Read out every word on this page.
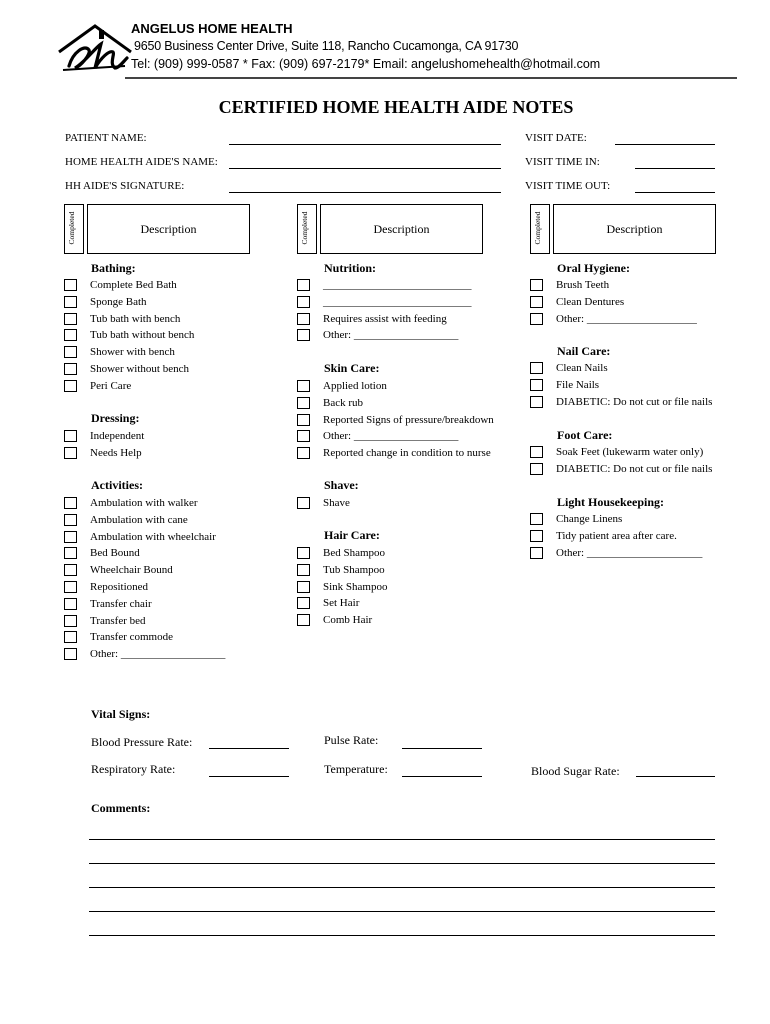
ANGELUS HOME HEALTH
9650 Business Center Drive, Suite 118, Rancho Cucamonga, CA 91730
Tel: (909) 999-0587 * Fax: (909) 697-2179* Email: angelushomehealth@hotmail.com
CERTIFIED HOME HEALTH AIDE NOTES
PATIENT NAME:
HOME HEALTH AIDE'S NAME:
HH AIDE'S SIGNATURE:
VISIT DATE:
VISIT TIME IN:
VISIT TIME OUT:
Completed	Description	Completed	Description	Completed	Description
Bathing:
Complete Bed Bath
Sponge Bath
Tub bath with bench
Tub bath without bench
Shower with bench
Shower without bench
Peri Care
Dressing:
Independent
Needs Help
Activities:
Ambulation with walker
Ambulation with cane
Ambulation with wheelchair
Bed Bound
Wheelchair Bound
Repositioned
Transfer chair
Transfer bed
Transfer commode
Other: ___________________
Nutrition:
___________________________
___________________________
Requires assist with feeding
Other: ___________________
Skin Care:
Applied lotion
Back rub
Reported Signs of pressure/breakdown
Other: ___________________
Reported change in condition to nurse
Shave:
Shave
Hair Care:
Bed Shampoo
Tub Shampoo
Sink Shampoo
Set Hair
Comb Hair
Oral Hygiene:
Brush Teeth
Clean Dentures
Other: ____________________
Nail Care:
Clean Nails
File Nails
DIABETIC: Do not cut or file nails
Foot Care:
Soak Feet (lukewarm water only)
DIABETIC: Do not cut or file nails
Light Housekeeping:
Change Linens
Tidy patient area after care.
Other: _____________________
Vital Signs:
Blood Pressure Rate:	Pulse Rate:
Respiratory Rate:	Temperature:	Blood Sugar Rate:
Comments:
